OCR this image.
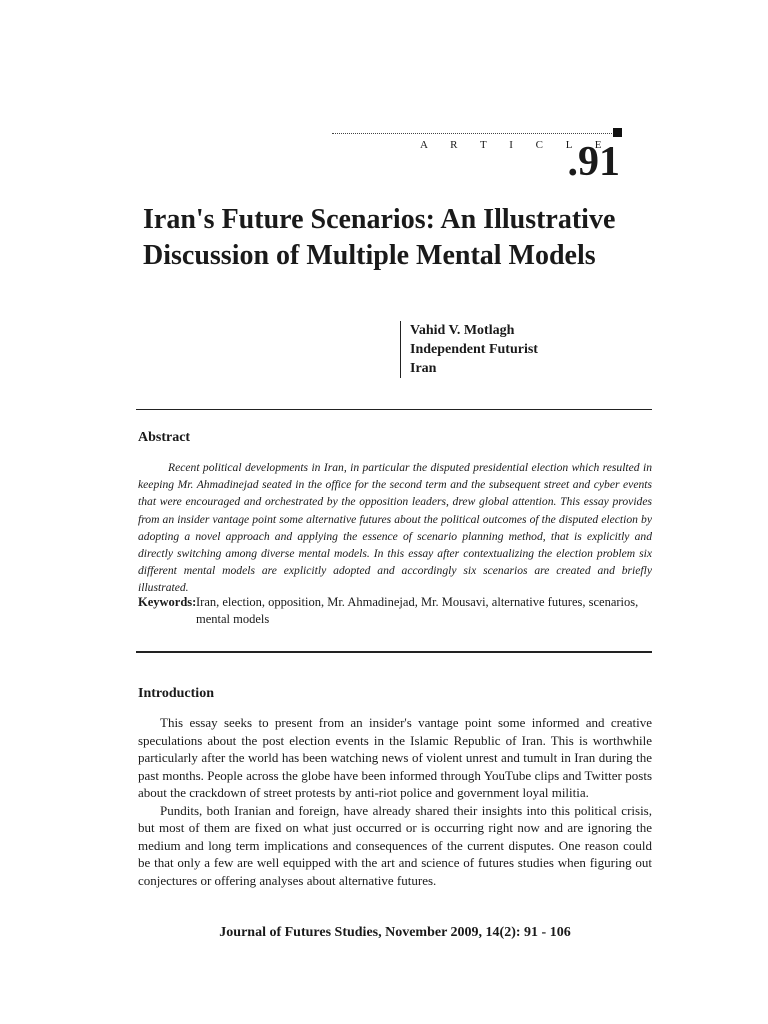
A R T I C L E
.91
Iran's Future Scenarios: An Illustrative
Discussion of Multiple Mental Models
Vahid V. Motlagh
Independent Futurist
Iran
Abstract

Recent political developments in Iran, in particular the disputed presidential election which resulted in keeping Mr. Ahmadinejad seated in the office for the second term and the subsequent street and cyber events that were encouraged and orchestrated by the opposition leaders, drew global attention. This essay provides from an insider vantage point some alternative futures about the political outcomes of the disputed election by adopting a novel approach and applying the essence of scenario planning method, that is explicitly and directly switching among diverse mental models. In this essay after contextualizing the election problem six different mental models are explicitly adopted and accordingly six scenarios are created and briefly illustrated.

Keywords: Iran, election, opposition, Mr. Ahmadinejad, Mr. Mousavi, alternative futures, scenarios, mental models
Introduction

This essay seeks to present from an insider's vantage point some informed and creative speculations about the post election events in the Islamic Republic of Iran. This is worthwhile particularly after the world has been watching news of violent unrest and tumult in Iran during the past months. People across the globe have been informed through YouTube clips and Twitter posts about the crackdown of street protests by anti-riot police and government loyal militia.

Pundits, both Iranian and foreign, have already shared their insights into this political crisis, but most of them are fixed on what just occurred or is occurring right now and are ignoring the medium and long term implications and consequences of the current disputes. One reason could be that only a few are well equipped with the art and science of futures studies when figuring out conjectures or offering analyses about alternative futures.

Journal of Futures Studies, November 2009, 14(2): 91 - 106
